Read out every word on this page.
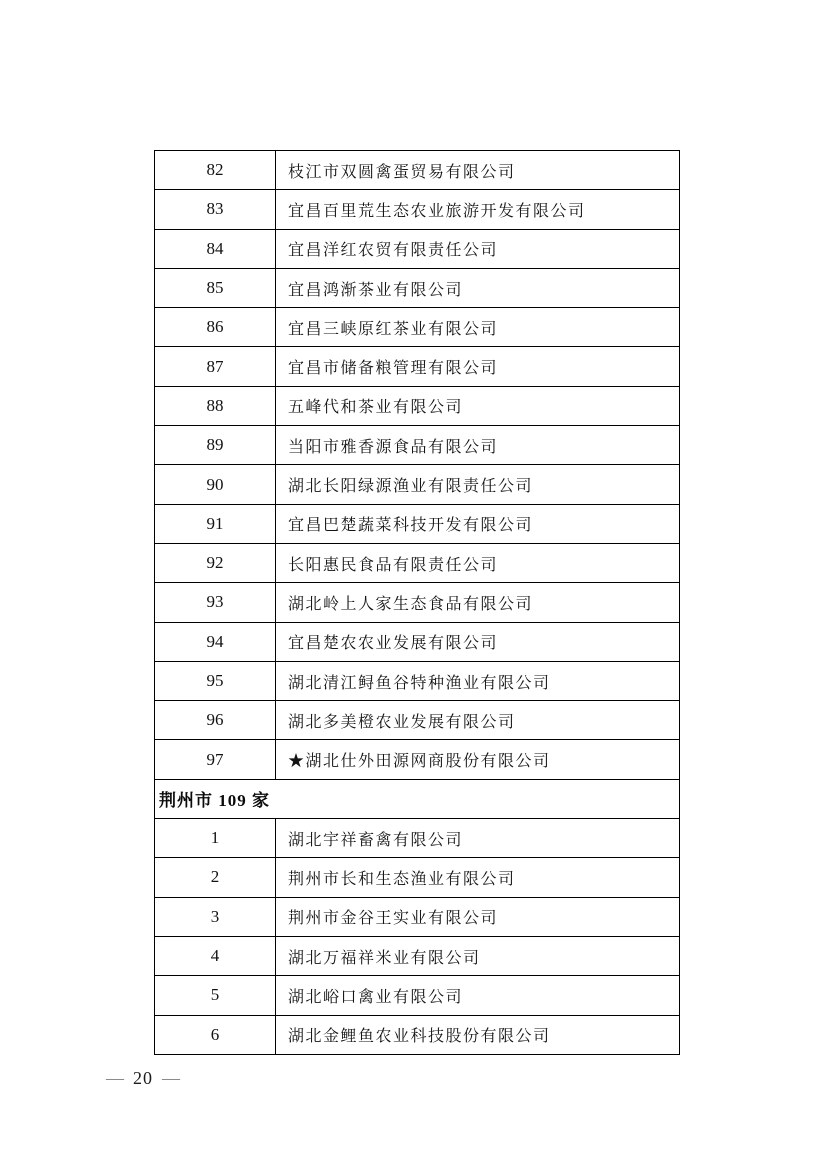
82	枝江市双圆禽蛋贸易有限公司
83	宜昌百里荒生态农业旅游开发有限公司
84	宜昌洋红农贸有限责任公司
85	宜昌鸿渐茶业有限公司
86	宜昌三峡原红茶业有限公司
87	宜昌市储备粮管理有限公司
88	五峰代和茶业有限公司
89	当阳市雅香源食品有限公司
90	湖北长阳绿源渔业有限责任公司
91	宜昌巴楚蔬菜科技开发有限公司
92	长阳惠民食品有限责任公司
93	湖北岭上人家生态食品有限公司
94	宜昌楚农农业发展有限公司
95	湖北清江鲟鱼谷特种渔业有限公司
96	湖北多美橙农业发展有限公司
97	★湖北仕外田源网商股份有限公司
荆州市 109 家	
1	湖北宇祥畜禽有限公司
2	荆州市长和生态渔业有限公司
3	荆州市金谷王实业有限公司
4	湖北万福祥米业有限公司
5	湖北峪口禽业有限公司
6	湖北金鲤鱼农业科技股份有限公司
— 20 —
